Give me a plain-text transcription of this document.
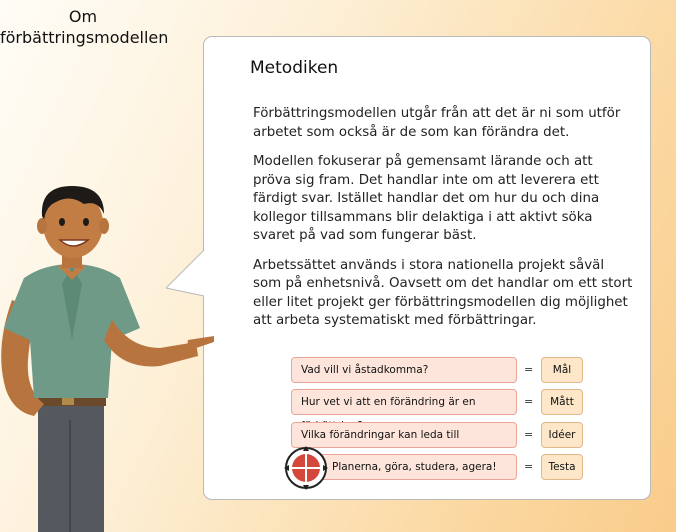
Om
förbättringsmodellen
Metodiken

Förbättringsmodellen utgår från att det är ni som utför arbetet som också är de som kan förändra det.

Modellen fokuserar på gemensamt lärande och att pröva sig fram. Det handlar inte om att leverera ett färdigt svar. Istället handlar det om hur du och dina kollegor tillsammans blir delaktiga i att aktivt söka svaret på vad som fungerar bäst.

Arbetssättet används i stora nationella projekt såväl som på enhetsnivå. Oavsett om det handlar om ett stort eller litet projekt ger förbättringsmodellen dig möjlighet att arbeta systematiskt med förbättringar.

Vad vill vi åstadkomma?	=	Mål
Hur vet vi att en förändring är en	=	Mått
Vilka förändringar kan leda till	=	Idéer
Planerna, göra, studera, agera!	=	Testa
